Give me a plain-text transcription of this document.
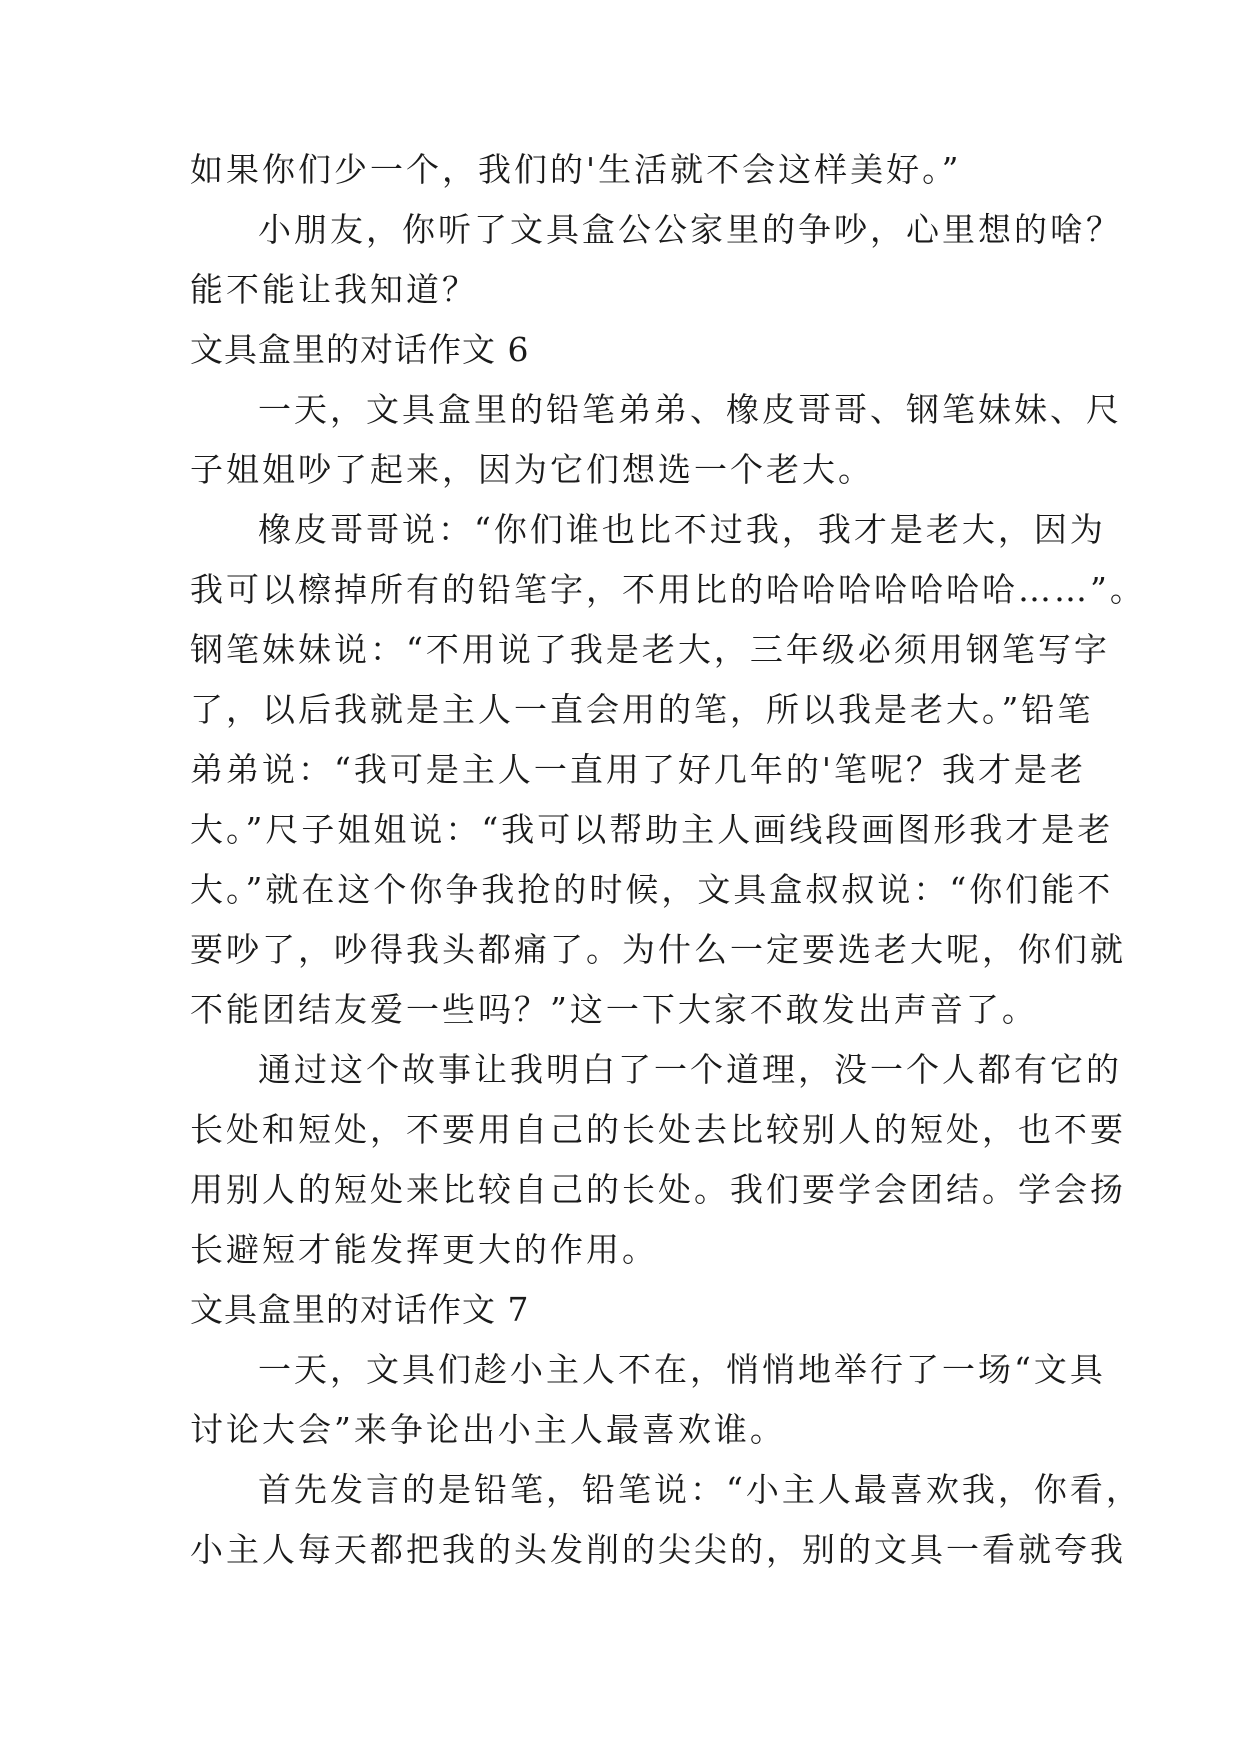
如果你们少一个，我们的'生活就不会这样美好。”
小朋友，你听了文具盒公公家里的争吵，心里想的啥？
能不能让我知道？
文具盒里的对话作文 6
一天，文具盒里的铅笔弟弟、橡皮哥哥、钢笔妹妹、尺
子姐姐吵了起来，因为它们想选一个老大。
橡皮哥哥说：“你们谁也比不过我，我才是老大，因为
我可以檫掉所有的铅笔字，不用比的哈哈哈哈哈哈哈……”。
钢笔妹妹说：“不用说了我是老大，三年级必须用钢笔写字
了，以后我就是主人一直会用的笔，所以我是老大。”铅笔
弟弟说：“我可是主人一直用了好几年的'笔呢？我才是老
大。”尺子姐姐说：“我可以帮助主人画线段画图形我才是老
大。”就在这个你争我抢的时候，文具盒叔叔说：“你们能不
要吵了，吵得我头都痛了。为什么一定要选老大呢，你们就
不能团结友爱一些吗？”这一下大家不敢发出声音了。
通过这个故事让我明白了一个道理，没一个人都有它的
长处和短处，不要用自己的长处去比较别人的短处，也不要
用别人的短处来比较自己的长处。我们要学会团结。学会扬
长避短才能发挥更大的作用。
文具盒里的对话作文 7
一天，文具们趁小主人不在，悄悄地举行了一场“文具
讨论大会”来争论出小主人最喜欢谁。
首先发言的是铅笔，铅笔说：“小主人最喜欢我，你看，
小主人每天都把我的头发削的尖尖的，别的文具一看就夸我
